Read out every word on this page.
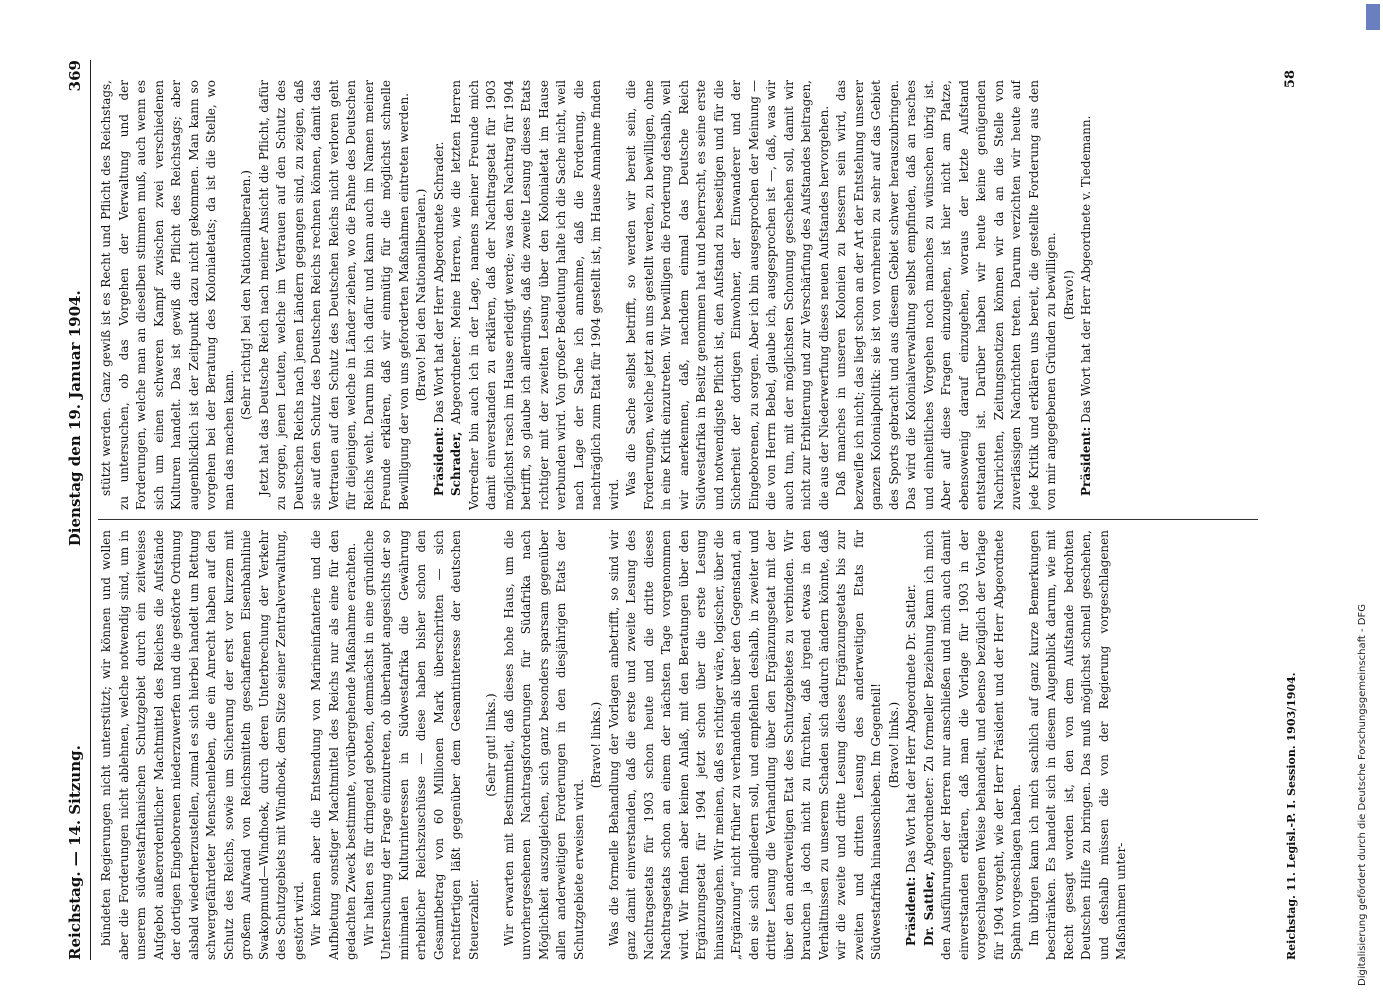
Reichstag. — 14. Sitzung.
Dienstag den 19. Januar 1904.
369

bündeten Regierungen nicht unterstützt; wir können und wollen aber die Forderungen nicht ablehnen, welche notwendig sind, um in unserem südwestafrikanischen Schutzgebiet durch ein zeitweises Aufgebot außerordentlicher Machtmittel des Reiches die Aufstände der dortigen Eingeborenen niederzuwerfen und die gestörte Ordnung alsbald wiederherzustellen, zumal es sich hierbei handelt um Rettung schwergefährdeter Menschenleben, die ein Anrecht haben auf den Schutz des Reichs, sowie um Sicherung der erst vor kurzem mit großem Aufwand von Reichsmitteln geschaffenen Eisenbahnlinie Swakopmund—Windhoek, durch deren Unterbrechung der Verkehr des Schutzgebiets mit Windhoek, dem Sitze seiner Zentralverwaltung, gestört wird. Wir können aber die Entsendung von Marineinfanterie und die Aufbietung sonstiger Machtmittel des Reichs nur als eine für den gedachten Zweck bestimmte, vorübergehende Maßnahme erachten. Wir halten es für dringend geboten, demnächst in eine gründliche Untersuchung der Frage einzutreten, ob überhaupt angesichts der so minimalen Kulturinteressen in Südwestafrika die Gewährung erheblicher Reichszuschüsse — diese haben bisher schon den Gesamtbetrag von 60 Millionen Mark überschritten — sich rechtfertigen läßt gegenüber dem Gesamtinteresse der deutschen Steuerzahler.

(Sehr gut! links.) Wir erwarten mit Bestimmtheit, daß dieses hohe Haus, um die unvorhergesehenen Nachtragsforderungen für Südafrika nach Möglichkeit auszugleichen, sich ganz besonders sparsam gegenüber allen anderweitigen Forderungen in den diesjährigen Etats der Schutzgebiete erweisen wird.

(Bravo! links.) Was die formelle Behandlung der Vorlagen anbetrifft, so sind wir ganz damit einverstanden, daß die erste und zweite Lesung des Nachtragsetats für 1903 schon heute und die dritte dieses Nachtragsetats schon an einem der nächsten Tage vorgenommen wird. Wir finden aber keinen Anlaß, mit den Beratungen über den Ergänzungsetat für 1904 jetzt schon über die erste Lesung hinauszugehen. Wir meinen, daß es richtiger wäre, logischer, über die „Ergänzung“ nicht früher zu verhandeln als über den Gegenstand, an den sie sich angliedern soll, und empfehlen deshalb, in zweiter und dritter Lesung die Verhandlung über den Ergänzungsetat mit der über den anderweitigen Etat des Schutzgebietes zu verbinden. Wir brauchen ja doch nicht zu fürchten, daß irgend etwas in den Verhältnissen zu unserem Schaden sich dadurch ändern könnte, daß wir die zweite und dritte Lesung dieses Ergänzungsetats bis zur zweiten und dritten Lesung des anderweitigen Etats für Südwestafrika hinausschieben. Im Gegenteil! (Bravo! links.)

Präsident: Das Wort hat der Herr Abgeordnete Dr. Sattler.

Dr. Sattler, Abgeordneter: Zu formeller Beziehung kann ich mich den Ausführungen der Herren nur anschließen und mich auch damit einverstanden erklären, daß man die Vorlage für 1903 in der vorgeschlagenen Weise behandelt, und ebenso bezüglich der Vorlage für 1904 vorgeht, wie der Herr Präsident und der Herr Abgeordnete Spahn vorgeschlagen haben. Im übrigen kann ich mich sachlich auf ganz kurze Bemerkungen beschränken. Es handelt sich in diesem Augenblick darum, wie mit Recht gesagt worden ist, den von dem Aufstande bedrohten Deutschen Hilfe zu bringen. Das muß möglichst schnell geschehen, und deshalb müssen die von der Regierung vorgeschlagenen Maßnahmen unter-

stützt werden. Ganz gewiß ist es Recht und Pflicht des Reichstags, zu untersuchen, ob das Vorgehen der Verwaltung und der Forderungen, welche man an dieselben stimmen muß, auch wenn es sich um einen schweren Kampf zwischen zwei verschiedenen Kulturen handelt. Das ist gewiß die Pflicht des Reichstags; aber augenblicklich ist der Zeitpunkt dazu nicht gekommen. Man kann so vorgehen bei der Beratung des Kolonialetats; da ist die Stelle, wo man das machen kann.

(Sehr richtig! bei den Nationalliberalen.) Jetzt hat das Deutsche Reich nach meiner Ansicht die Pflicht, dafür zu sorgen, jenen Leuten, welche im Vertrauen auf den Schutz des Deutschen Reichs nach jenen Ländern gegangen sind, zu zeigen, daß sie auf den Schutz des Deutschen Reichs rechnen können, damit das Vertrauen auf den Schutz des Deutschen Reichs nicht verloren geht für diejenigen, welche in Länder ziehen, wo die Fahne des Deutschen Reichs weht. Darum bin ich dafür und kann auch im Namen meiner Freunde erklären, daß wir einmütig für die möglichst schnelle Bewilligung der von uns geforderten Maßnahmen eintreten werden. (Bravo! bei den Nationalliberalen.)

Präsident: Das Wort hat der Herr Abgeordnete Schrader.

Schrader, Abgeordneter: Meine Herren, wie die letzten Herren Vorredner bin auch ich in der Lage, namens meiner Freunde mich damit einverstanden zu erklären, daß der Nachtragsetat für 1903 möglichst rasch im Hause erledigt werde; was den Nachtrag für 1904 betrifft, so glaube ich allerdings, daß die zweite Lesung dieses Etats richtiger mit der zweiten Lesung über den Kolonialetat im Hause verbunden wird. Von großer Bedeutung halte ich die Sache nicht, weil nach Lage der Sache ich annehme, daß die Forderung, die nachträglich zum Etat für 1904 gestellt ist, im Hause Annahme finden wird. Was die Sache selbst betrifft, so werden wir bereit sein, die Forderungen, welche jetzt an uns gestellt werden, zu bewilligen, ohne in eine Kritik einzutreten. Wir bewilligen die Forderung deshalb, weil wir anerkennen, daß, nachdem einmal das Deutsche Reich Südwestafrika in Besitz genommen hat und beherrscht, es seine erste und notwendigste Pflicht ist, den Aufstand zu beseitigen und für die Sicherheit der dortigen Einwohner, der Einwanderer und der Eingeborenen, zu sorgen. Aber ich bin ausgesprochen der Meinung — die von Herrn Bebel, glaube ich, ausgesprochen ist —, daß, was wir auch tun, mit der möglichsten Schonung geschehen soll, damit wir nicht zur Erbitterung und zur Verschärfung des Aufstandes beitragen, die aus der Niederwerfung dieses neuen Aufstandes hervorgehen. Daß manches in unseren Kolonien zu bessern sein wird, das bezweifle ich nicht; das liegt schon an der Art der Entstehung unserer ganzen Kolonialpolitik: sie ist von vornherein zu sehr auf das Gebiet des Sports gebracht und aus diesem Gebiet schwer herauszubringen. Das wird die Kolonialverwaltung selbst empfinden, daß an rasches und einheitliches Vorgehen noch manches zu wünschen übrig ist. Aber auf diese Fragen einzugehen, ist hier nicht am Platze, ebensowenig darauf einzugehen, woraus der letzte Aufstand entstanden ist. Darüber haben wir heute keine genügenden Nachrichten, Zeitungsnotizen können wir da an die Stelle von zuverlässigen Nachrichten treten. Darum verzichten wir heute auf jede Kritik und erklären uns bereit, die gestellte Forderung aus den von mir angegebenen Gründen zu bewilligen. (Bravo!)

Präsident: Das Wort hat der Herr Abgeordnete v. Tiedemann.

Reichstag. 11. Legisl.-P. I. Session. 1903/1904.
58
Digitalisierung gefördert durch die Deutsche Forschungsgemeinschaft - DFG
